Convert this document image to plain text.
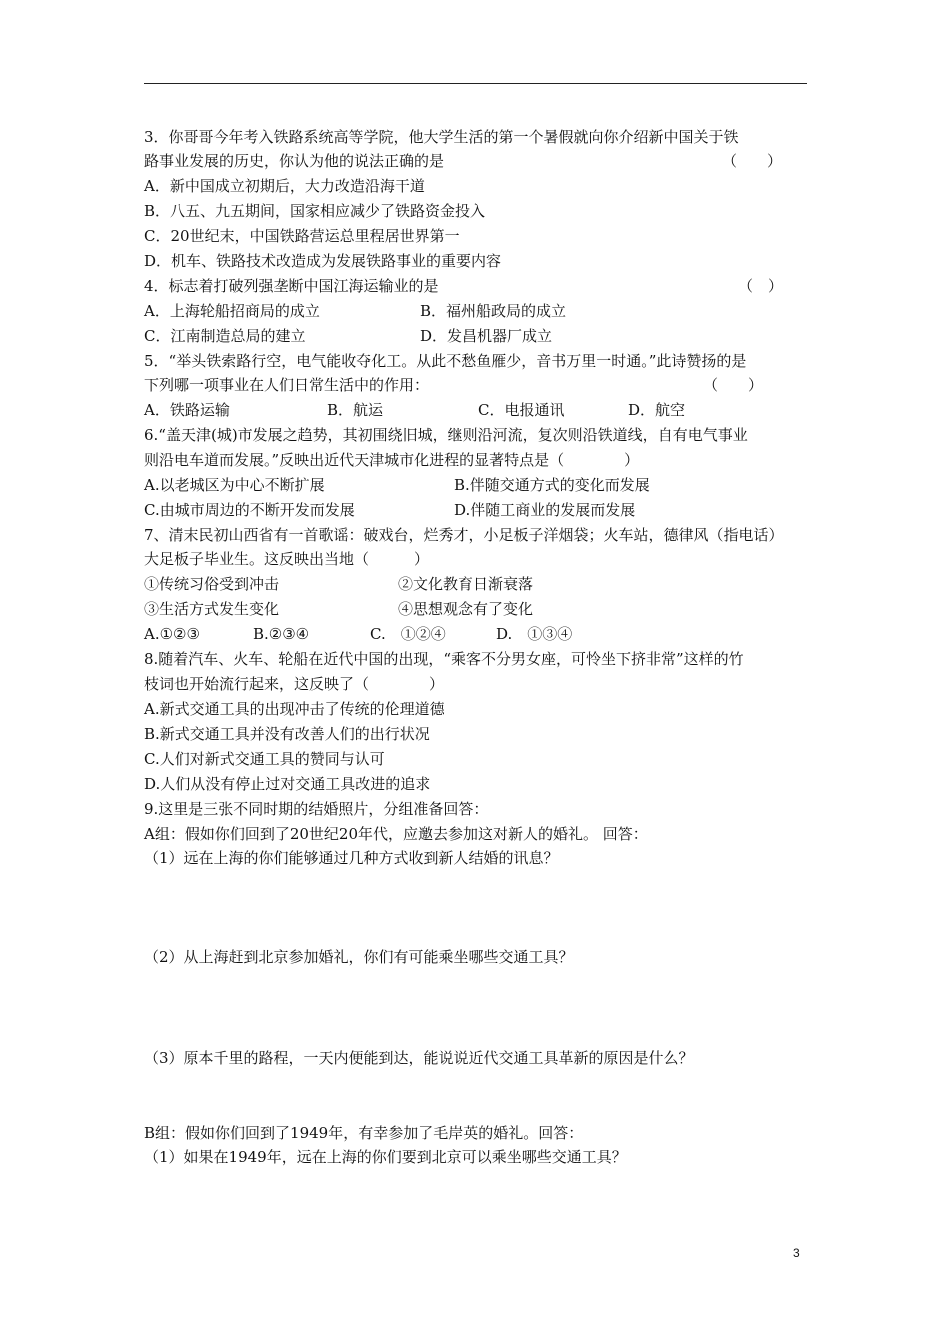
3．你哥哥今年考入铁路系统高等学院，他大学生活的第一个暑假就向你介绍新中国关于铁
路事业发展的历史，你认为他的说法正确的是	（　　）
A．新中国成立初期后，大力改造沿海干道
B．八五、九五期间，国家相应减少了铁路资金投入
C．20世纪末，中国铁路营运总里程居世界第一
D．机车、铁路技术改造成为发展铁路事业的重要内容
4．标志着打破列强垄断中国江海运输业的是	（　）
A．上海轮船招商局的成立	B．福州船政局的成立
C．江南制造总局的建立	D．发昌机器厂成立
5．“举头铁索路行空，电气能收夺化工。从此不愁鱼雁少，音书万里一时通。”此诗赞扬的是
下列哪一项事业在人们日常生活中的作用：	（　　）
A．铁路运输	B．航运	C．电报通讯	D．航空
6.“盖天津(城)市发展之趋势，其初围绕旧城，继则沿河流，复次则沿铁道线，自有电气事业
则沿电车道而发展。”反映出近代天津城市化进程的显著特点是（　　　　）
A.以老城区为中心不断扩展	B.伴随交通方式的变化而发展
C.由城市周边的不断开发而发展	D.伴随工商业的发展而发展
7、清末民初山西省有一首歌谣：破戏台，烂秀才，小足板子洋烟袋；火车站，德律风（指电话）
大足板子毕业生。这反映出当地（　　　）
①传统习俗受到冲击	②文化教育日渐衰落
③生活方式发生变化	④思想观念有了变化
A.①②③	B.②③④	C.　①②④	D.　①③④
8.随着汽车、火车、轮船在近代中国的出现，“乘客不分男女座，可怜坐下挤非常”这样的竹
枝词也开始流行起来，这反映了（　　　　）
A.新式交通工具的出现冲击了传统的伦理道德
B.新式交通工具并没有改善人们的出行状况
C.人们对新式交通工具的赞同与认可
D.人们从没有停止过对交通工具改进的追求
9.这里是三张不同时期的结婚照片，分组准备回答：
A组：假如你们回到了20世纪20年代，应邀去参加这对新人的婚礼。 回答：
（1）远在上海的你们能够通过几种方式收到新人结婚的讯息？
（2）从上海赶到北京参加婚礼，你们有可能乘坐哪些交通工具？
（3）原本千里的路程，一天内便能到达，能说说近代交通工具革新的原因是什么？
B组：假如你们回到了1949年，有幸参加了毛岸英的婚礼。回答：
（1）如果在1949年，远在上海的你们要到北京可以乘坐哪些交通工具？
3
